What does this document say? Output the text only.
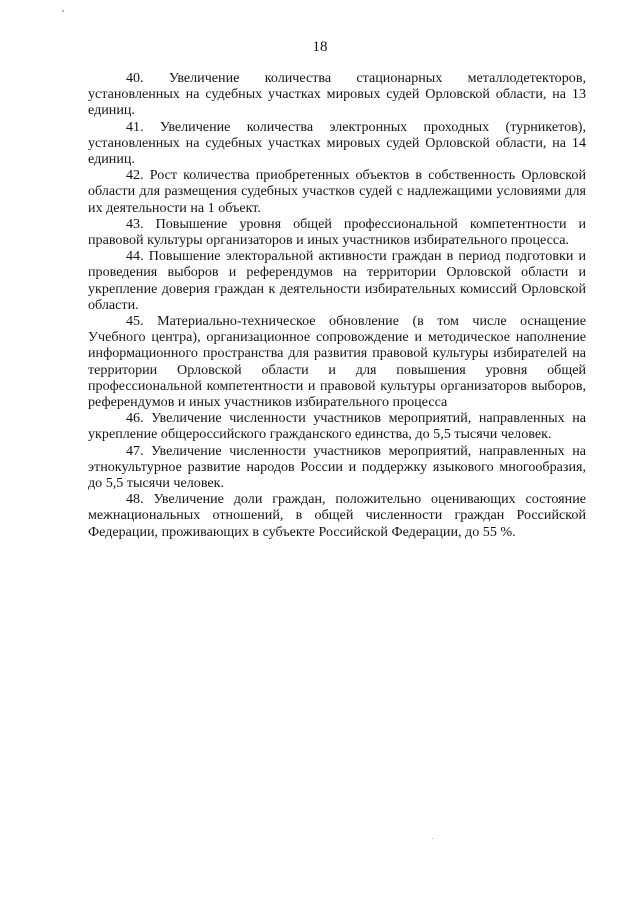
18

40. Увеличение количества стационарных металлодетекторов, установленных на судебных участках мировых судей Орловской области, на 13 единиц.

41. Увеличение количества электронных проходных (турникетов), установленных на судебных участках мировых судей Орловской области, на 14 единиц.

42. Рост количества приобретенных объектов в собственность Орловской области для размещения судебных участков судей с надлежащими условиями для их деятельности на 1 объект.

43. Повышение уровня общей профессиональной компетентности и правовой культуры организаторов и иных участников избирательного процесса.

44. Повышение электоральной активности граждан в период подготовки и проведения выборов и референдумов на территории Орловской области и укрепление доверия граждан к деятельности избирательных комиссий Орловской области.

45. Материально-техническое обновление (в том числе оснащение Учебного центра), организационное сопровождение и методическое наполнение информационного пространства для развития правовой культуры избирателей на территории Орловской области и для повышения уровня общей профессиональной компетентности и правовой культуры организаторов выборов, референдумов и иных участников избирательного процесса

46. Увеличение численности участников мероприятий, направленных на укрепление общероссийского гражданского единства, до 5,5 тысячи человек.

47. Увеличение численности участников мероприятий, направленных на этнокультурное развитие народов России и поддержку языкового многообразия, до 5,5 тысячи человек.

48. Увеличение доли граждан, положительно оценивающих состояние межнациональных отношений, в общей численности граждан Российской Федерации, проживающих в субъекте Российской Федерации, до 55 %.
